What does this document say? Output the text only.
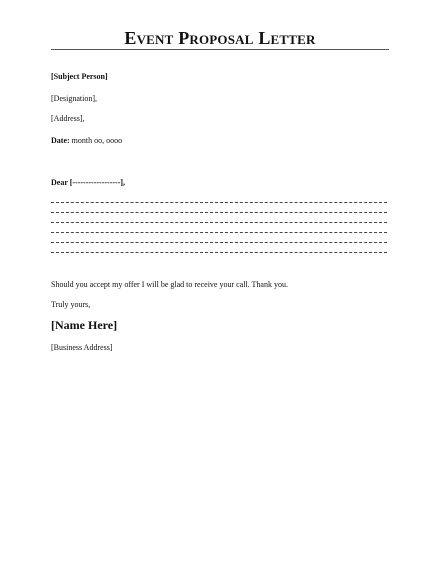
Event Proposal Letter
[Subject Person]
[Designation],
[Address],
Date: month oo, oooo
Dear [------------------],
Should you accept my offer I will be glad to receive your call. Thank you.
Truly yours,
[Name Here]
[Business Address]
